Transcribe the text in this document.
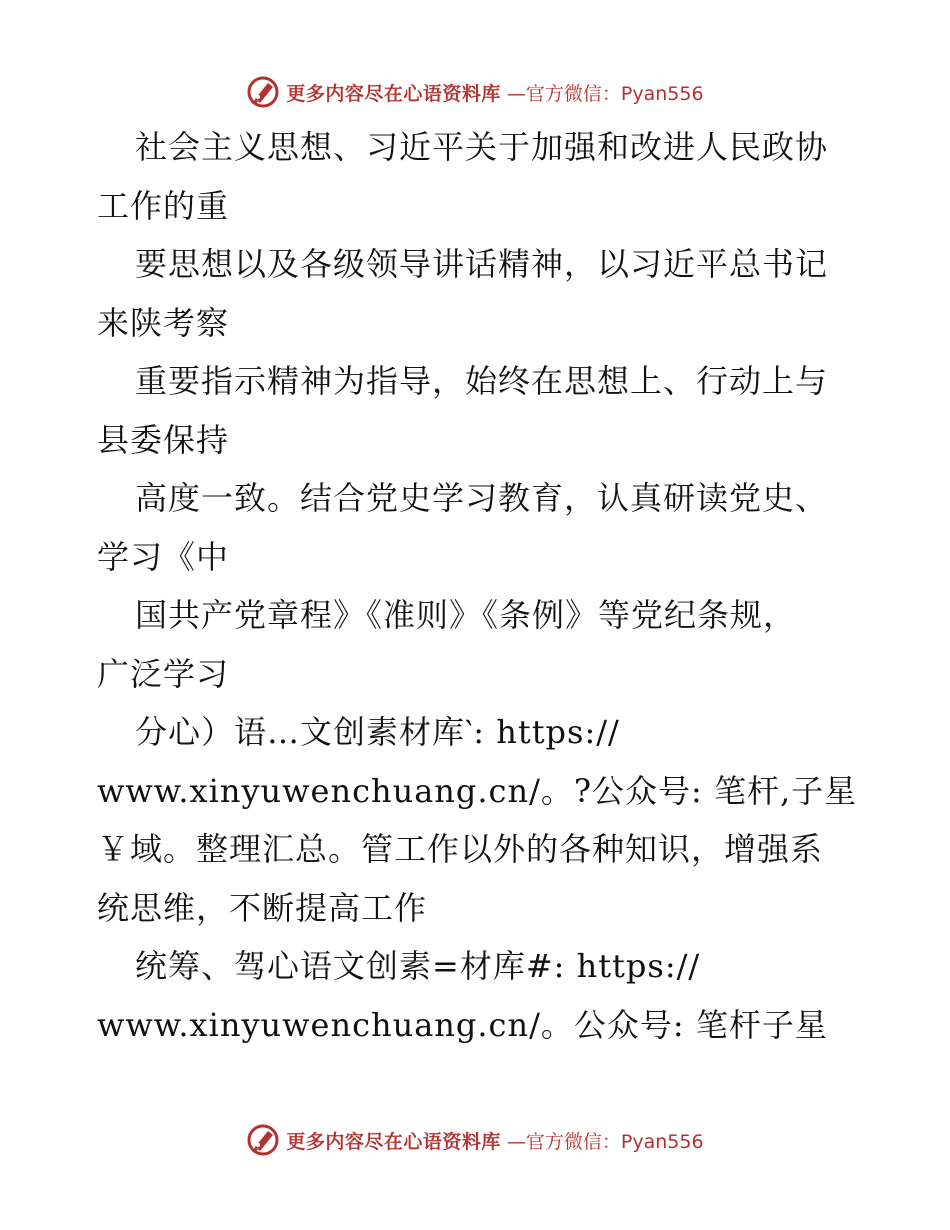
更多内容尽在心语资料库 —官方微信：Pyan556
社会主义思想、习近平关于加强和改进人民政协
工作的重
要思想以及各级领导讲话精神，以习近平总书记
来陕考察
重要指示精神为指导，始终在思想上、行动上与
县委保持
高度一致。结合党史学习教育，认真研读党史、
学习《中
国共产党章程》《准则》《条例》等党纪条规，
广泛学习
分心）语…文创素材库‵: https://
www.xinyuwenchuang.cn/。?公众号: 笔杆,子星
￥域。整理汇总。管工作以外的各种知识，增强系
统思维，不断提高工作
统筹、驾心语文创素=材库#: https://
www.xinyuwenchuang.cn/。公众号: 笔杆子星
更多内容尽在心语资料库 —官方微信：Pyan556
